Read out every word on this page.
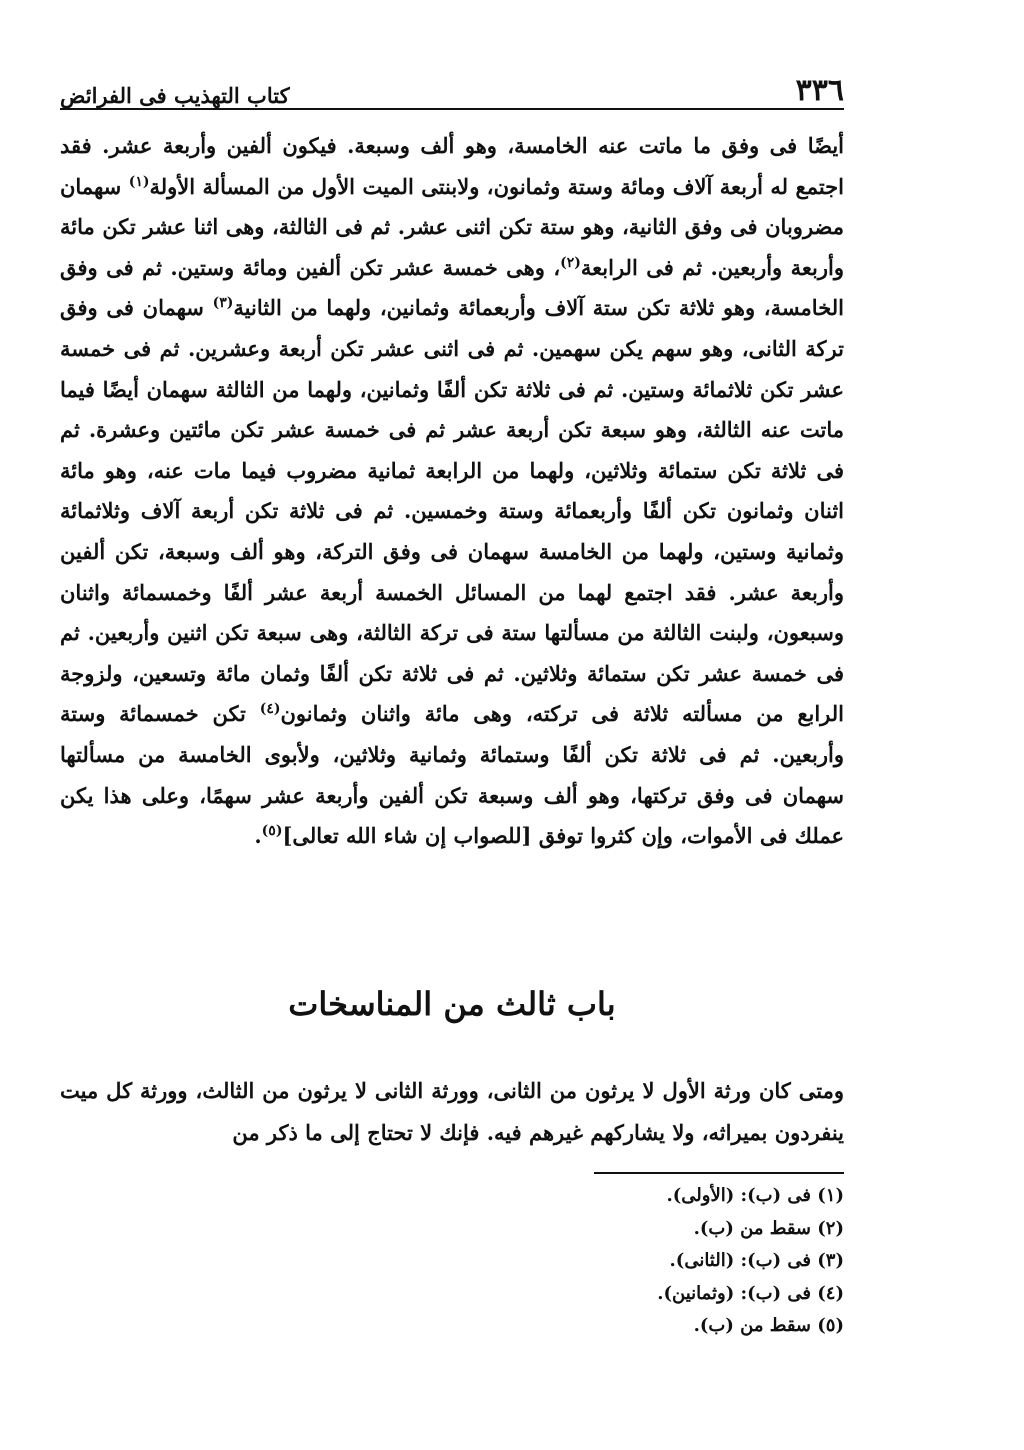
٣٣٦
كتاب التهذيب فى الفرائض

أيضًا فى وفق ما ماتت عنه الخامسة، وهو ألف وسبعة. فيكون ألفين وأربعة عشر. فقد اجتمع له أربعة آلاف ومائة وستة وثمانون، ولابنتى الميت الأول من المسألة الأولة$^{(١)}$ سهمان مضروبان فى وفق الثانية، وهو ستة تكن اثنى عشر. ثم فى الثالثة، وهى اثنا عشر تكن مائة وأربعة وأربعين. ثم فى الرابعة$^{(٢)}$، وهى خمسة عشر تكن ألفين ومائة وستين. ثم فى وفق الخامسة، وهو ثلاثة تكن ستة آلاف وأربعمائة وثمانين، ولهما من الثانية$^{(٣)}$ سهمان فى وفق تركة الثانى، وهو سهم يكن سهمين. ثم فى اثنى عشر تكن أربعة وعشرين. ثم فى خمسة عشر تكن ثلاثمائة وستين. ثم فى ثلاثة تكن ألفًا وثمانين، ولهما من الثالثة سهمان أيضًا فيما ماتت عنه الثالثة، وهو سبعة تكن أربعة عشر ثم فى خمسة عشر تكن مائتين وعشرة. ثم فى ثلاثة تكن ستمائة وثلاثين، ولهما من الرابعة ثمانية مضروب فيما مات عنه، وهو مائة اثنان وثمانون تكن ألفًا وأربعمائة وستة وخمسين. ثم فى ثلاثة تكن أربعة آلاف وثلاثمائة وثمانية وستين، ولهما من الخامسة سهمان فى وفق التركة، وهو ألف وسبعة، تكن ألفين وأربعة عشر. فقد اجتمع لهما من المسائل الخمسة أربعة عشر ألفًا وخمسمائة واثنان وسبعون، ولبنت الثالثة من مسألتها ستة فى تركة الثالثة، وهى سبعة تكن اثنين وأربعين. ثم فى خمسة عشر تكن ستمائة وثلاثين. ثم فى ثلاثة تكن ألفًا وثمان مائة وتسعين، ولزوجة الرابع من مسألته ثلاثة فى تركته، وهى مائة واثنان وثمانون$^{(٤)}$ تكن خمسمائة وستة وأربعين. ثم فى ثلاثة تكن ألفًا وستمائة وثمانية وثلاثين، ولأبوى الخامسة من مسألتها سهمان فى وفق تركتها، وهو ألف وسبعة تكن ألفين وأربعة عشر سهمًا، وعلى هذا يكن عملك فى الأموات، وإن كثروا توفق [للصواب إن شاء الله تعالى]$^{(٥)}$.

باب ثالث من المناسخات

ومتى كان ورثة الأول لا يرثون من الثانى، وورثة الثانى لا يرثون من الثالث، وورثة كل ميت ينفردون بميراثه، ولا يشاركهم غيرهم فيه. فإنك لا تحتاج إلى ما ذكر من

(١) فى (ب): (الأولى).
(٢) سقط من (ب).
(٣) فى (ب): (الثانى).
(٤) فى (ب): (وثمانين).
(٥) سقط من (ب).
